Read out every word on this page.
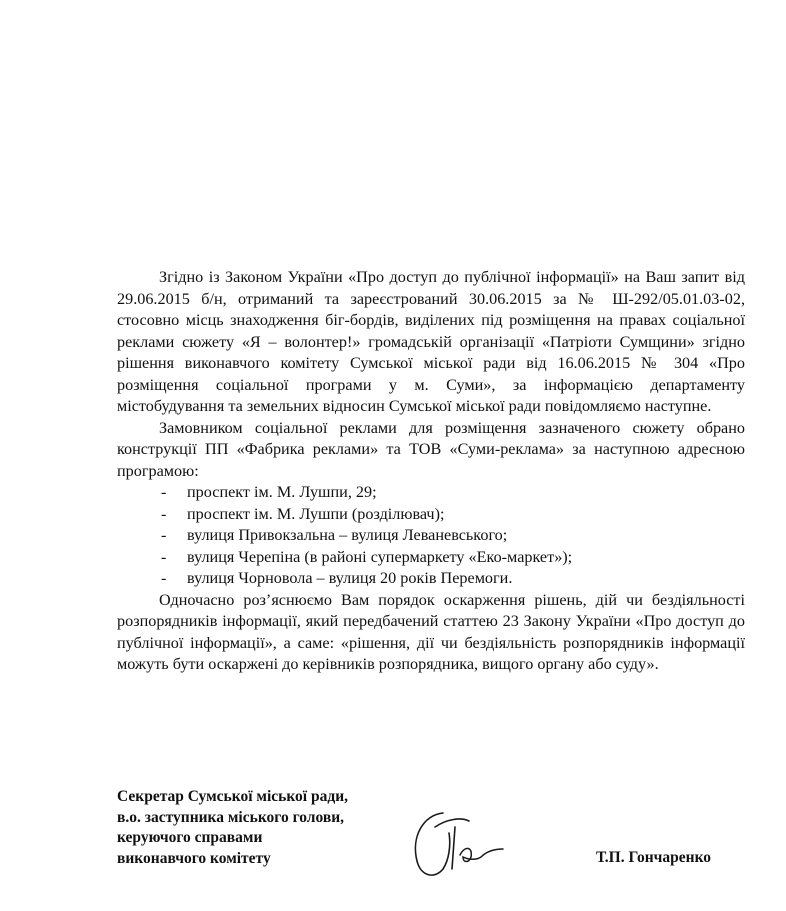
Згідно із Законом України «Про доступ до публічної інформації» на Ваш запит від 29.06.2015 б/н, отриманий та зареєстрований 30.06.2015 за № Ш-292/05.01.03-02, стосовно місць знаходження біг-бордів, виділених під розміщення на правах соціальної реклами сюжету «Я – волонтер!» громадській організації «Патріоти Сумщини» згідно рішення виконавчого комітету Сумської міської ради від 16.06.2015 № 304 «Про розміщення соціальної програми у м. Суми», за інформацією департаменту містобудування та земельних відносин Сумської міської ради повідомляємо наступне.

Замовником соціальної реклами для розміщення зазначеного сюжету обрано конструкції ПП «Фабрика реклами» та ТОВ «Суми-реклама» за наступною адресною програмою:

- проспект ім. М. Лушпи, 29;
- проспект ім. М. Лушпи (розділювач);
- вулиця Привокзальна – вулиця Леваневського;
- вулиця Черепіна (в районі супермаркету «Еко-маркет»);
- вулиця Чорновола – вулиця 20 років Перемоги.

Одночасно роз’яснюємо Вам порядок оскарження рішень, дій чи бездіяльності розпорядників інформації, який передбачений статтею 23 Закону України «Про доступ до публічної інформації», а саме: «рішення, дії чи бездіяльність розпорядників інформації можуть бути оскаржені до керівників розпорядника, вищого органу або суду».

Секретар Сумської міської ради,
в.о. заступника міського голови,
керуючого справами
виконавчого комітету	Т.П. Гончаренко
